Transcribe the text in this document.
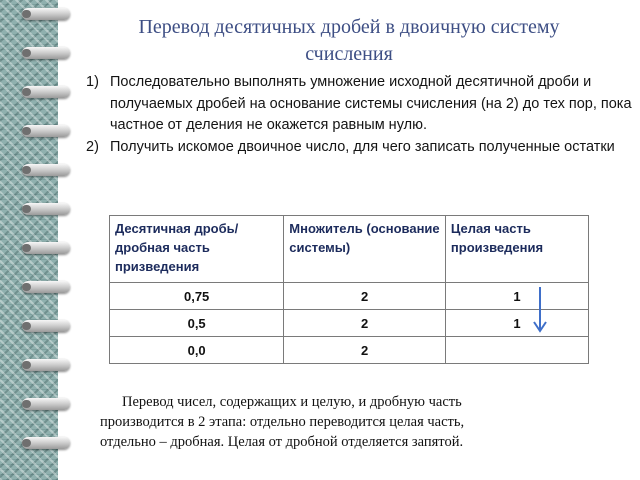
Перевод десятичных дробей в двоичную систему счисления
1) Последовательно выполнять умножение исходной десятичной дроби и получаемых дробей на основание системы счисления (на 2) до тех пор, пока частное от деления не окажется равным нулю.
2) Получить искомое двоичное число, для чего записать полученные остатки
Десятичная дробь/дробная часть призведения	Множитель (основание системы)	Целая часть произведения
0,75	2	1
0,5	2	1
0,0	2	

Перевод чисел, содержащих и целую, и дробную часть

производится в 2 этапа: отдельно переводится целая часть,

отдельно – дробная. Целая от дробной отделяется запятой.
